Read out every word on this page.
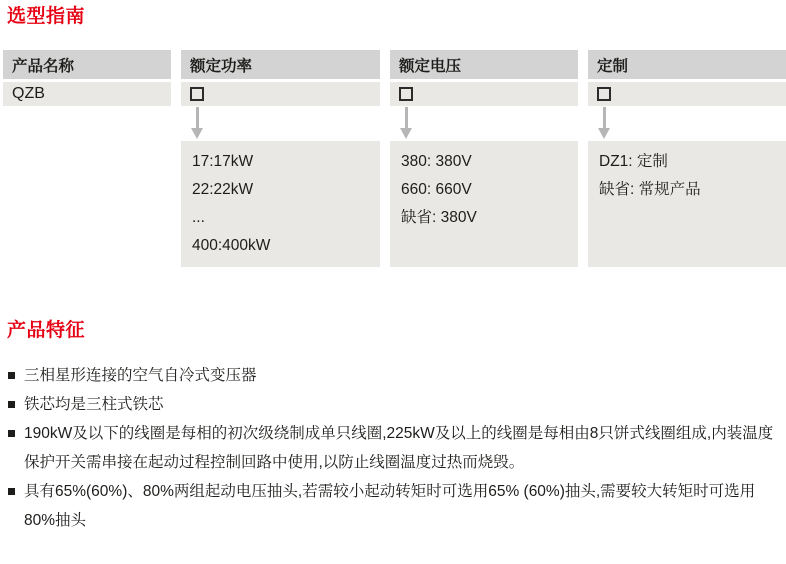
选型指南
产品名称
QZB
额定功率
17:17kW
22:22kW
...
400:400kW
额定电压
380: 380V
660: 660V
缺省: 380V
定制
DZ1: 定制
缺省: 常规产品
产品特征
三相星形连接的空气自冷式变压器
铁芯均是三柱式铁芯
190kW及以下的线圈是每相的初次级绕制成单只线圈,225kW及以上的线圈是每相由8只饼式线圈组成,内装温度保护开关需串接在起动过程控制回路中使用,以防止线圈温度过热而烧毁。
具有65%(60%)、80%两组起动电压抽头,若需较小起动转矩时可选用65% (60%)抽头,需要较大转矩时可选用80%抽头
